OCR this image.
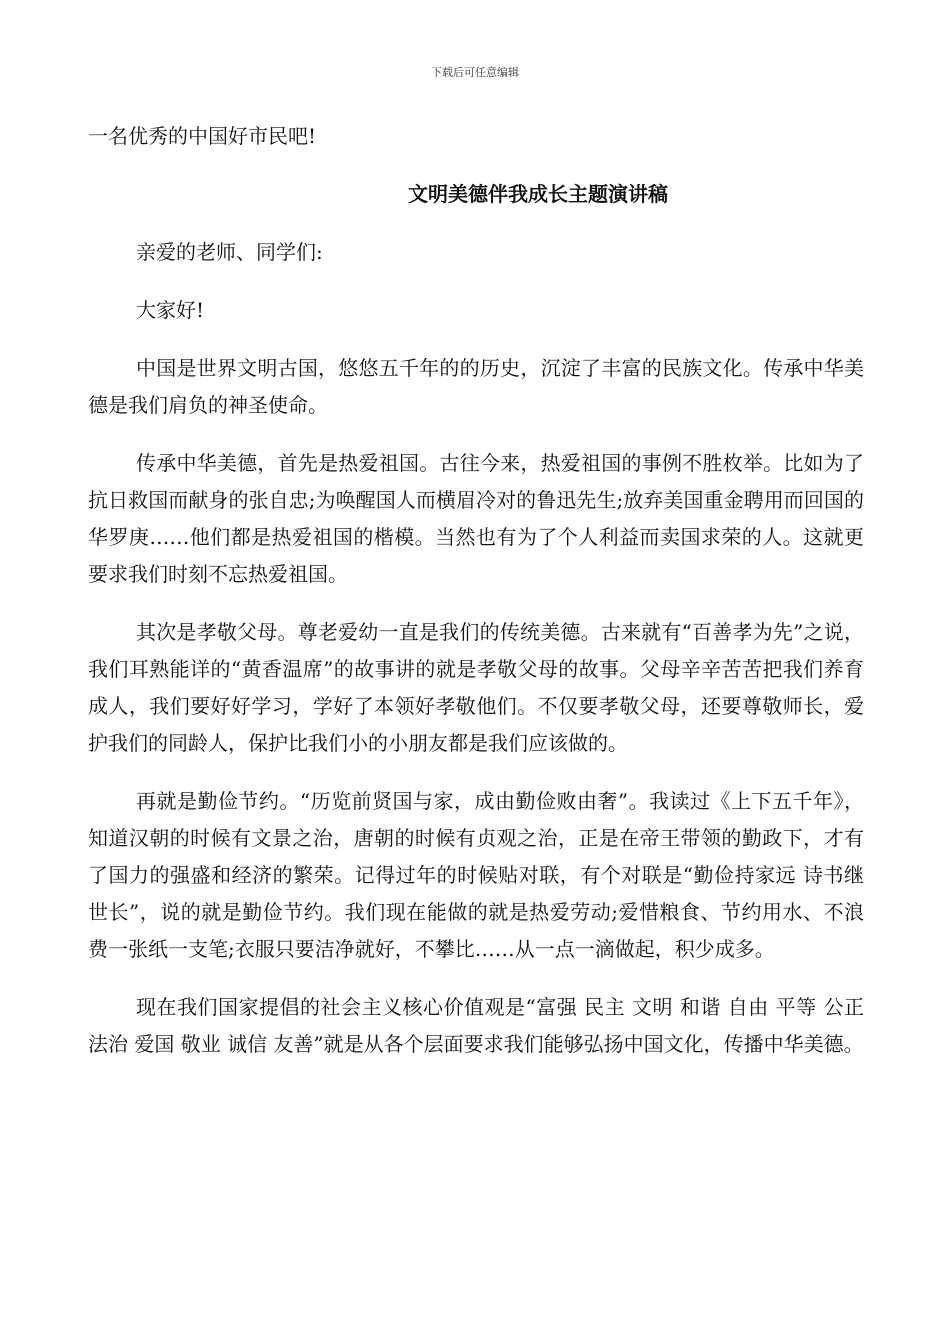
下载后可任意编辑

一名优秀的中国好市民吧!

文明美德伴我成长主题演讲稿

亲爱的老师、同学们:

大家好!

中国是世界文明古国，悠悠五千年的的历史，沉淀了丰富的民族文化。传承中华美德是我们肩负的神圣使命。

传承中华美德，首先是热爱祖国。古往今来，热爱祖国的事例不胜枚举。比如为了抗日救国而献身的张自忠;为唤醒国人而横眉冷对的鲁迅先生;放弃美国重金聘用而回国的华罗庚……他们都是热爱祖国的楷模。当然也有为了个人利益而卖国求荣的人。这就更要求我们时刻不忘热爱祖国。

其次是孝敬父母。尊老爱幼一直是我们的传统美德。古来就有“百善孝为先”之说，我们耳熟能详的“黄香温席”的故事讲的就是孝敬父母的故事。父母辛辛苦苦把我们养育成人，我们要好好学习，学好了本领好孝敬他们。不仅要孝敬父母，还要尊敬师长，爱护我们的同龄人，保护比我们小的小朋友都是我们应该做的。

再就是勤俭节约。“历览前贤国与家，成由勤俭败由奢”。我读过《上下五千年》，知道汉朝的时候有文景之治，唐朝的时候有贞观之治，正是在帝王带领的勤政下，才有 了国力的强盛和经济的繁荣。记得过年的时候贴对联，有个对联是“勤俭持家远 诗书继世长”，说的就是勤俭节约。我们现在能做的就是热爱劳动;爱惜粮食、节约用水、不浪费一张纸一支笔;衣服只要洁净就好，不攀比……从一点一滴做起，积少成多。

现在我们国家提倡的社会主义核心价值观是“富强 民主 文明 和谐 自由 平等 公正 法治 爱国 敬业 诚信 友善”就是从各个层面要求我们能够弘扬中国文化，传播中华美德。
